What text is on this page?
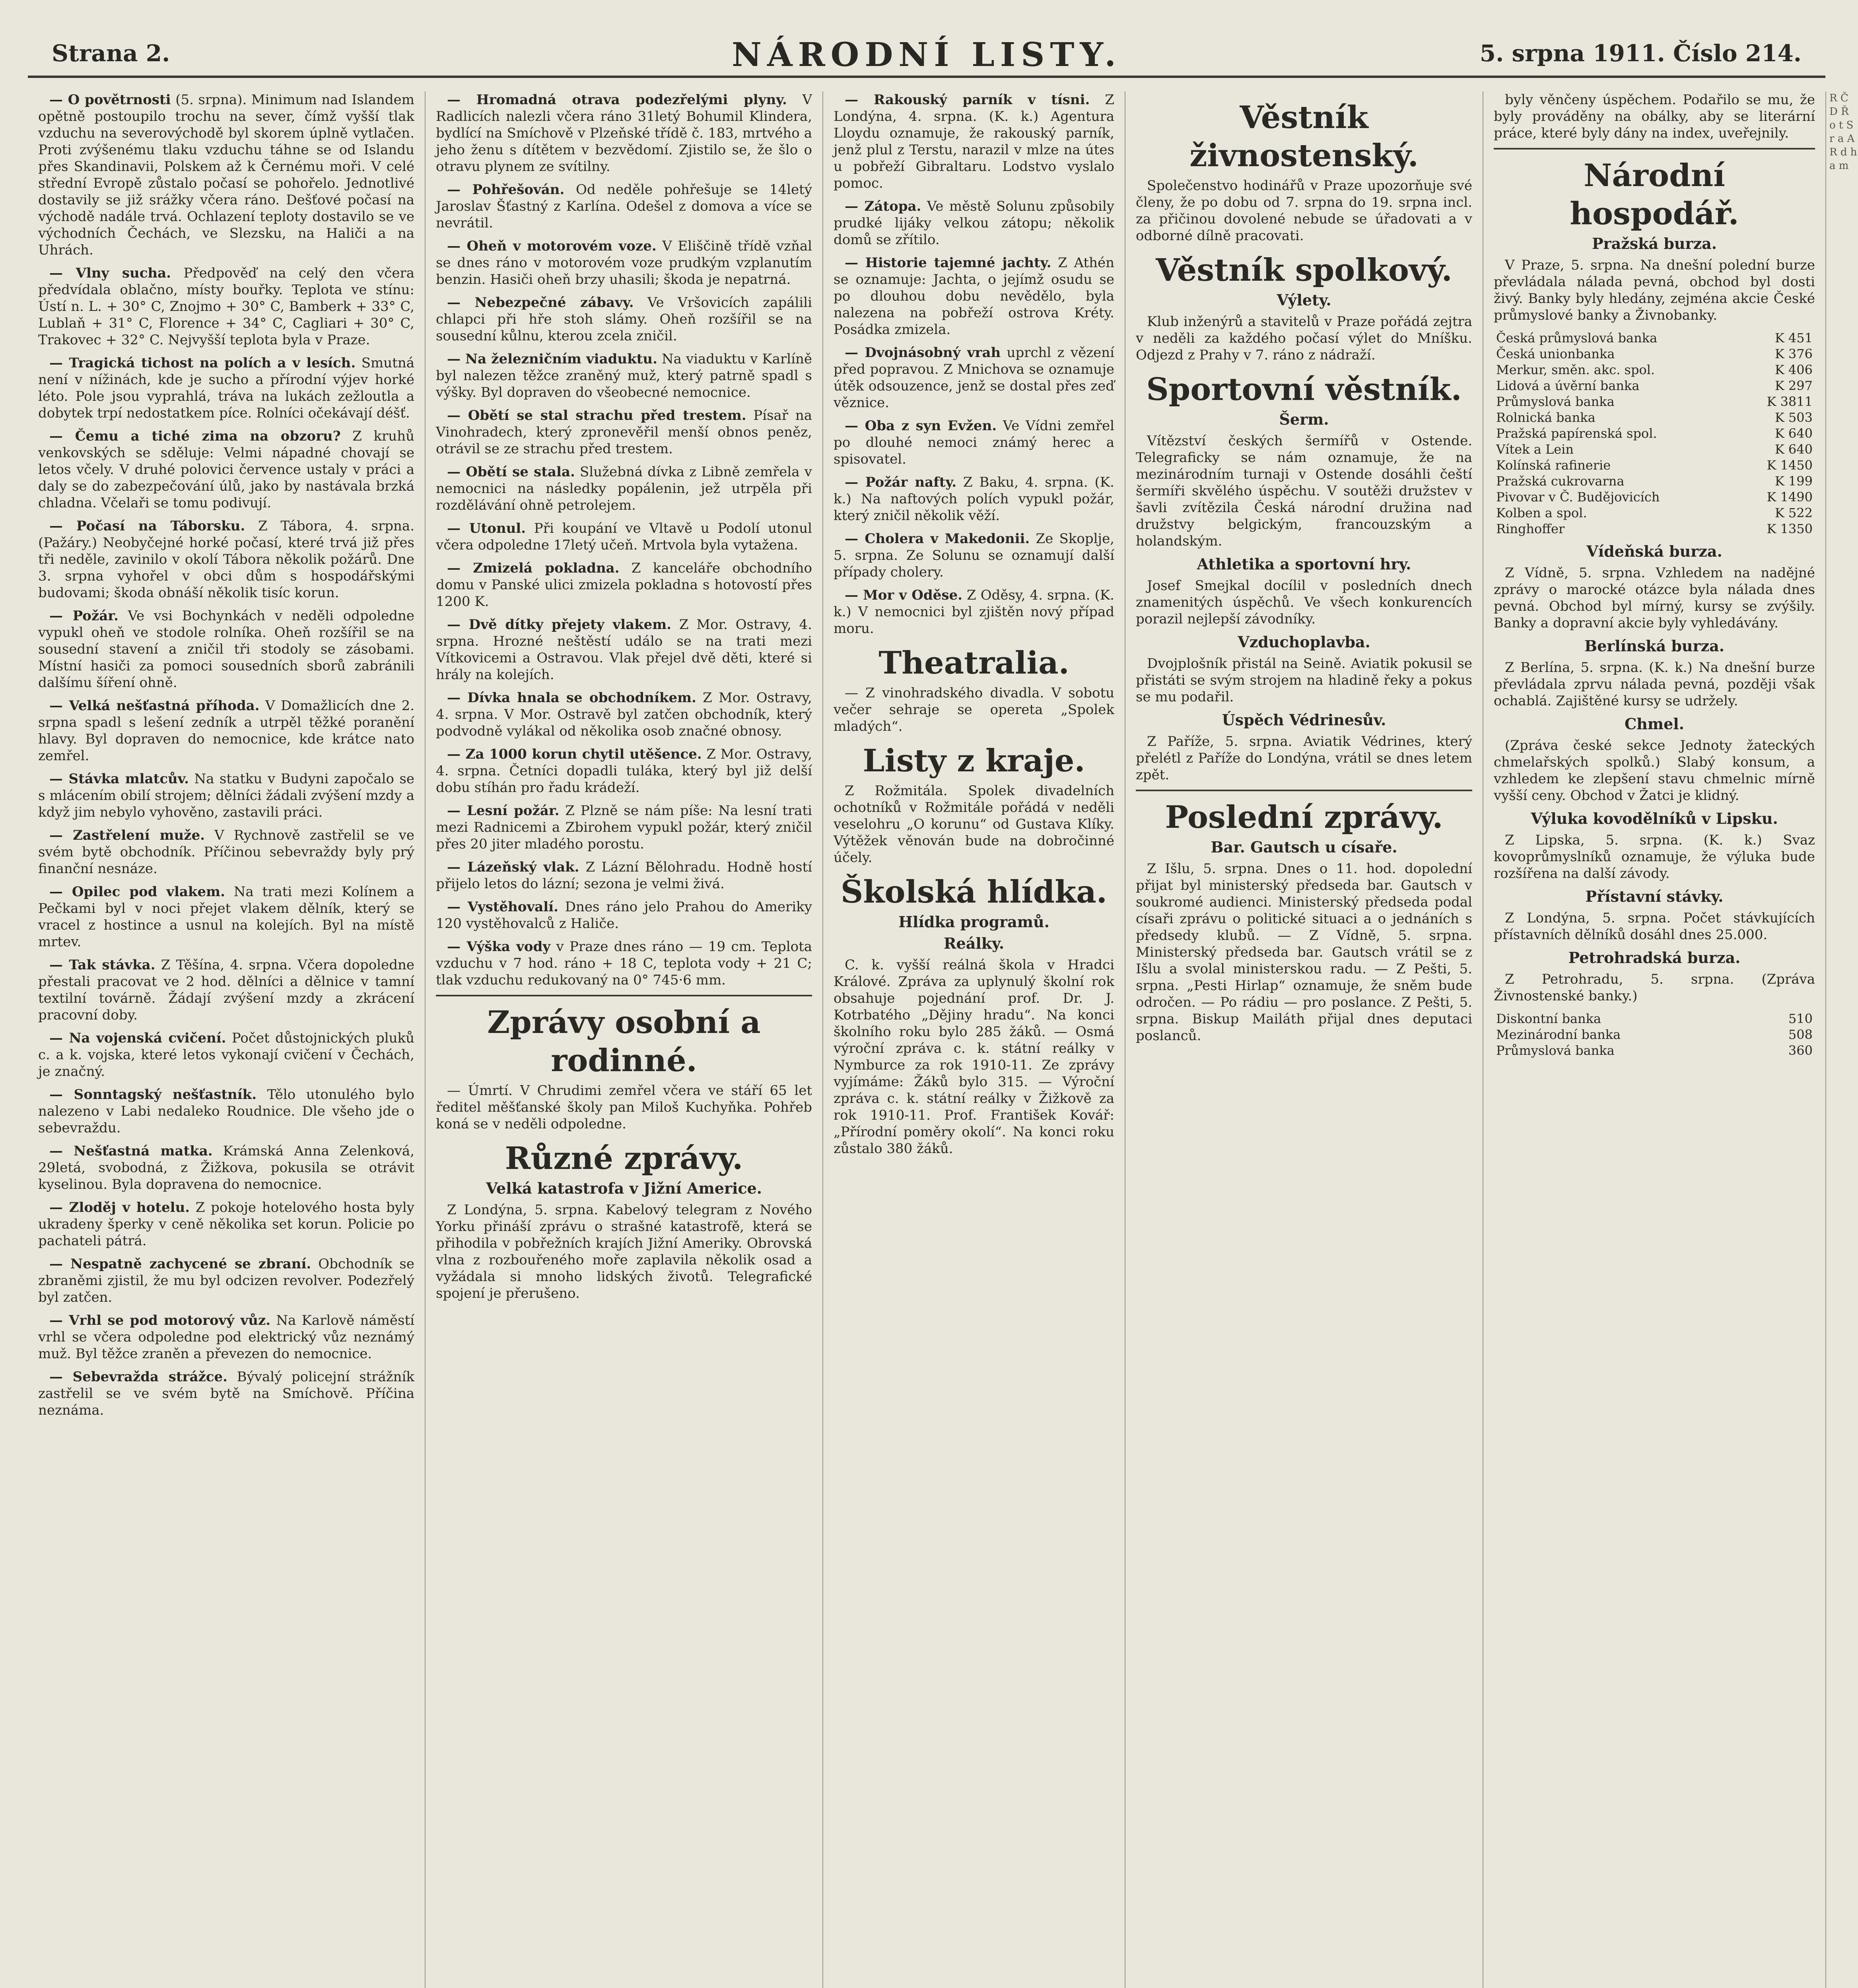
Strana 2.	NÁRODNÍ LISTY.	5. srpna 1911. Číslo 214.

— O povětrnosti (5. srpna). Minimum nad Islandem opětně postoupilo trochu na sever, čímž vyšší tlak vzduchu na severovýchodě byl skorem úplně vytlačen. Proti zvýšenému tlaku vzduchu táhne se od Islandu přes Skandinavii, Polskem až k Černému moři. V celé střední Evropě zůstalo počasí se pohořelo. Jednotlivé dostavily se již srážky včera ráno. Dešťové počasí na východě nadále trvá. Ochlazení teploty dostavilo se ve východních Čechách, ve Slezsku, na Haliči a na Uhrách.

— Vlny sucha. Předpověď na celý den včera předvídala oblačno, místy bouřky. Teplota ve stínu: Ústí n. L. + 30° C, Znojmo + 30° C, Bamberk + 33° C, Lublaň + 31° C, Florence + 34° C, Cagliari + 30° C, Trakovec + 32° C. Nejvyšší teplota byla v Praze.

— Tragická tichost na polích a v lesích. Smutná není v nížinách, kde je sucho a přírodní výjev horké léto. Pole jsou vyprahlá, tráva na lukách zežloutla a dobytek trpí nedostatkem píce. Rolníci očekávají déšť.

— Čemu a tiché zima na obzoru? Z kruhů venkovských se sděluje: Velmi nápadné chovají se letos včely. V druhé polovici července ustaly v práci a daly se do zabezpečování úlů, jako by nastávala brzká chladna. Včelaři se tomu podivují.

— Počasí na Táborsku. Z Tábora, 4. srpna. (Pažáry.) Neobyčejné horké počasí, které trvá již přes tři neděle, zavinilo v okolí Tábora několik požárů. Dne 3. srpna vyhořel v obci dům s hospodářskými budovami; škoda obnáší několik tisíc korun.

— Požár. Ve vsi Bochynkách v neděli odpoledne vypukl oheň ve stodole rolníka. Oheň rozšířil se na sousední stavení a zničil tři stodoly se zásobami. Místní hasiči za pomoci sousedních sborů zabránili dalšímu šíření ohně.

— Velká nešťastná příhoda. V Domažlicích dne 2. srpna spadl s lešení zedník a utrpěl těžké poranění hlavy. Byl dopraven do nemocnice, kde krátce nato zemřel.

— Stávka mlatcův. Na statku v Budyni započalo se s mlácením obilí strojem; dělníci žádali zvýšení mzdy a když jim nebylo vyhověno, zastavili práci.

— Zastřelení muže. V Rychnově zastřelil se ve svém bytě obchodník. Příčinou sebevraždy byly prý finanční nesnáze.

— Opilec pod vlakem. Na trati mezi Kolínem a Pečkami byl v noci přejet vlakem dělník, který se vracel z hostince a usnul na kolejích. Byl na místě mrtev.

— Tak stávka. Z Těšína, 4. srpna. Včera dopoledne přestali pracovat ve 2 hod. dělníci a dělnice v tamní textilní továrně. Žádají zvýšení mzdy a zkrácení pracovní doby.

— Na vojenská cvičení. Počet důstojnických pluků c. a k. vojska, které letos vykonají cvičení v Čechách, je značný.

— Sonntagský nešťastník. Tělo utonulého bylo nalezeno v Labi nedaleko Roudnice. Dle všeho jde o sebevraždu.

— Nešťastná matka. Krámská Anna Zelenková, 29letá, svobodná, z Žižkova, pokusila se otrávit kyselinou. Byla dopravena do nemocnice.

— Zloděj v hotelu. Z pokoje hotelového hosta byly ukradeny šperky v ceně několika set korun. Policie po pachateli pátrá.

— Nespatně zachycené se zbraní. Obchodník se zbraněmi zjistil, že mu byl odcizen revolver. Podezřelý byl zatčen.

— Vrhl se pod motorový vůz. Na Karlově náměstí vrhl se včera odpoledne pod elektrický vůz neznámý muž. Byl těžce zraněn a převezen do nemocnice.

— Sebevražda strážce. Bývalý policejní strážník zastřelil se ve svém bytě na Smíchově. Příčina neznáma.

— Hromadná otrava podezřelými plyny. V Radlicích nalezli včera ráno 31letý Bohumil Klindera, bydlící na Smíchově v Plzeňské třídě č. 183, mrtvého a jeho ženu s dítětem v bezvědomí. Zjistilo se, že šlo o otravu plynem ze svítilny.

— Pohřešován. Od neděle pohřešuje se 14letý Jaroslav Šťastný z Karlína. Odešel z domova a více se nevrátil.

— Oheň v motorovém voze. V Eliščině třídě vzňal se dnes ráno v motorovém voze prudkým vzplanutím benzin. Hasiči oheň brzy uhasili; škoda je nepatrná.

— Nebezpečné zábavy. Ve Vršovicích zapálili chlapci při hře stoh slámy. Oheň rozšířil se na sousední kůlnu, kterou zcela zničil.

— Na železničním viaduktu. Na viaduktu v Karlíně byl nalezen těžce zraněný muž, který patrně spadl s výšky. Byl dopraven do všeobecné nemocnice.

— Obětí se stal strachu před trestem. Písař na Vinohradech, který zpronevěřil menší obnos peněz, otrávil se ze strachu před trestem.

— Obětí se stala. Služebná dívka z Libně zemřela v nemocnici na následky popálenin, jež utrpěla při rozdělávání ohně petrolejem.

— Utonul. Při koupání ve Vltavě u Podolí utonul včera odpoledne 17letý učeň. Mrtvola byla vytažena.

— Zmizelá pokladna. Z kanceláře obchodního domu v Panské ulici zmizela pokladna s hotovostí přes 1200 K.

— Dvě dítky přejety vlakem. Z Mor. Ostravy, 4. srpna. Hrozné neštěstí událo se na trati mezi Vítkovicemi a Ostravou. Vlak přejel dvě děti, které si hrály na kolejích.

— Dívka hnala se obchodníkem. Z Mor. Ostravy, 4. srpna. V Mor. Ostravě byl zatčen obchodník, který podvodně vylákal od několika osob značné obnosy.

— Za 1000 korun chytil utěšence. Z Mor. Ostravy, 4. srpna. Četníci dopadli tuláka, který byl již delší dobu stíhán pro řadu krádeží.

— Lesní požár. Z Plzně se nám píše: Na lesní trati mezi Radnicemi a Zbirohem vypukl požár, který zničil přes 20 jiter mladého porostu.

— Lázeňský vlak. Z Lázní Bělohradu. Hodně hostí přijelo letos do lázní; sezona je velmi živá.

— Vystěhovalí. Dnes ráno jelo Prahou do Ameriky 120 vystěhovalců z Haliče.

— Výška vody v Praze dnes ráno — 19 cm. Teplota vzduchu v 7 hod. ráno + 18 C, teplota vody + 21 C; tlak vzduchu redukovaný na 0° 745·6 mm.

Zprávy osobní a rodinné.

— Úmrtí. V Chrudimi zemřel včera ve stáří 65 let ředitel měšťanské školy pan Miloš Kuchyňka. Pohřeb koná se v neděli odpoledne.

Různé zprávy.
Velká katastrofa v Jižní Americe.

Z Londýna, 5. srpna. Kabelový telegram z Nového Yorku přináší zprávu o strašné katastrofě, která se přihodila v pobřežních krajích Jižní Ameriky. Obrovská vlna z rozbouřeného moře zaplavila několik osad a vyžádala si mnoho lidských životů. Telegrafické spojení je přerušeno.

— Rakouský parník v tísni. Z Londýna, 4. srpna. (K. k.) Agentura Lloydu oznamuje, že rakouský parník, jenž plul z Terstu, narazil v mlze na útes u pobřeží Gibraltaru. Lodstvo vyslalo pomoc.

— Zátopa. Ve městě Solunu způsobily prudké lijáky velkou zátopu; několik domů se zřítilo.

— Historie tajemné jachty. Z Athén se oznamuje: Jachta, o jejímž osudu se po dlouhou dobu nevědělo, byla nalezena na pobřeží ostrova Kréty. Posádka zmizela.

— Dvojnásobný vrah uprchl z vězení před popravou. Z Mnichova se oznamuje útěk odsouzence, jenž se dostal přes zeď věznice.

— Oba z syn Evžen. Ve Vídni zemřel po dlouhé nemoci známý herec a spisovatel.

— Požár nafty. Z Baku, 4. srpna. (K. k.) Na naftových polích vypukl požár, který zničil několik věží.

— Cholera v Makedonii. Ze Skoplje, 5. srpna. Ze Solunu se oznamují další případy cholery.

— Mor v Oděse. Z Oděsy, 4. srpna. (K. k.) V nemocnici byl zjištěn nový případ moru.

Theatralia.

— Z vinohradského divadla. V sobotu večer sehraje se opereta „Spolek mladých“.

Listy z kraje.

Z Rožmitála. Spolek divadelních ochotníků v Rožmitále pořádá v neděli veselohru „O korunu“ od Gustava Klíky. Výtěžek věnován bude na dobročinné účely.

Školská hlídka.
Hlídka programů.
Reálky.

C. k. vyšší reálná škola v Hradci Králové. Zpráva za uplynulý školní rok obsahuje pojednání prof. Dr. J. Kotrbatého „Dějiny hradu“. Na konci školního roku bylo 285 žáků. — Osmá výroční zpráva c. k. státní reálky v Nymburce za rok 1910-11. Ze zprávy vyjímáme: Žáků bylo 315. — Výroční zpráva c. k. státní reálky v Žižkově za rok 1910-11. Prof. František Kovář: „Přírodní poměry okolí“. Na konci roku zůstalo 380 žáků.

Věstník živnostenský.

Společenstvo hodinářů v Praze upozorňuje své členy, že po dobu od 7. srpna do 19. srpna incl. za přičinou dovolené nebude se úřadovati a v odborné dílně pracovati.

Věstník spolkový.
Výlety.

Klub inženýrů a stavitelů v Praze pořádá zejtra v neděli za každého počasí výlet do Mníšku. Odjezd z Prahy v 7. ráno z nádraží.

Sportovní věstník.
Šerm.

Vítězství českých šermířů v Ostende. Telegraficky se nám oznamuje, že na mezinárodním turnaji v Ostende dosáhli čeští šermíři skvělého úspěchu. V soutěži družstev v šavli zvítězila Česká národní družina nad družstvy belgickým, francouzským a holandským.

Athletika a sportovní hry.

Josef Smejkal docílil v posledních dnech znamenitých úspěchů. Ve všech konkurencích porazil nejlepší závodníky.

Vzduchoplavba.

Dvojplošník přistál na Seině. Aviatik pokusil se přistáti se svým strojem na hladině řeky a pokus se mu podařil.

Úspěch Védrinesův.

Z Paříže, 5. srpna. Aviatik Védrines, který přelétl z Paříže do Londýna, vrátil se dnes letem zpět.

Poslední zprávy.
Bar. Gautsch u císaře.

Z Išlu, 5. srpna. Dnes o 11. hod. dopolední přijat byl ministerský předseda bar. Gautsch v soukromé audienci. Ministerský předseda podal císaři zprávu o politické situaci a o jednáních s předsedy klubů. — Z Vídně, 5. srpna. Ministerský předseda bar. Gautsch vrátil se z Išlu a svolal ministerskou radu. — Z Pešti, 5. srpna. „Pesti Hirlap“ oznamuje, že sněm bude odročen. — Po rádiu — pro poslance. Z Pešti, 5. srpna. Biskup Mailáth přijal dnes deputaci poslanců.

byly věnčeny úspěchem. Podařilo se mu, že byly prováděny na obálky, aby se literární práce, které byly dány na index, uveřejnily.

Národní hospodář.
Pražská burza.

V Praze, 5. srpna. Na dnešní polední burze převládala nálada pevná, obchod byl dosti živý. Banky byly hledány, zejména akcie České průmyslové banky a Živnobanky.

Česká průmyslová banka	K 451
Česká unionbanka	K 376
Merkur, směn. akc. spol.	K 406
Lidová a úvěrní banka	K 297
Průmyslová banka	K 3811
Rolnická banka	K 503
Pražská papírenská spol.	K 640
Vítek a Lein	K 640
Kolínská rafinerie	K 1450
Pražská cukrovarna	K 199
Pivovar v Č. Budějovicích	K 1490
Kolben a spol.	K 522
Ringhoffer	K 1350
Vídeňská burza.

Z Vídně, 5. srpna. Vzhledem na nadějné zprávy o marocké otázce byla nálada dnes pevná. Obchod byl mírný, kursy se zvýšily. Banky a dopravní akcie byly vyhledávány.

Berlínská burza.

Z Berlína, 5. srpna. (K. k.) Na dnešní burze převládala zprvu nálada pevná, později však ochablá. Zajištěné kursy se udržely.

Chmel.

(Zpráva české sekce Jednoty žateckých chmelařských spolků.) Slabý konsum, a vzhledem ke zlepšení stavu chmelnic mírně vyšší ceny. Obchod v Žatci je klidný.

Výluka kovodělníků v Lipsku.

Z Lipska, 5. srpna. (K. k.) Svaz kovoprůmyslníků oznamuje, že výluka bude rozšířena na další závody.

Přístavní stávky.

Z Londýna, 5. srpna. Počet stávkujících přístavních dělníků dosáhl dnes 25.000.

Petrohradská burza.

Z Petrohradu, 5. srpna. (Zpráva Živnostenské banky.)

Diskontní banka	510
Mezinárodní banka	508
Průmyslová banka	360
R Č D Ř o t S r a A R d h a m
